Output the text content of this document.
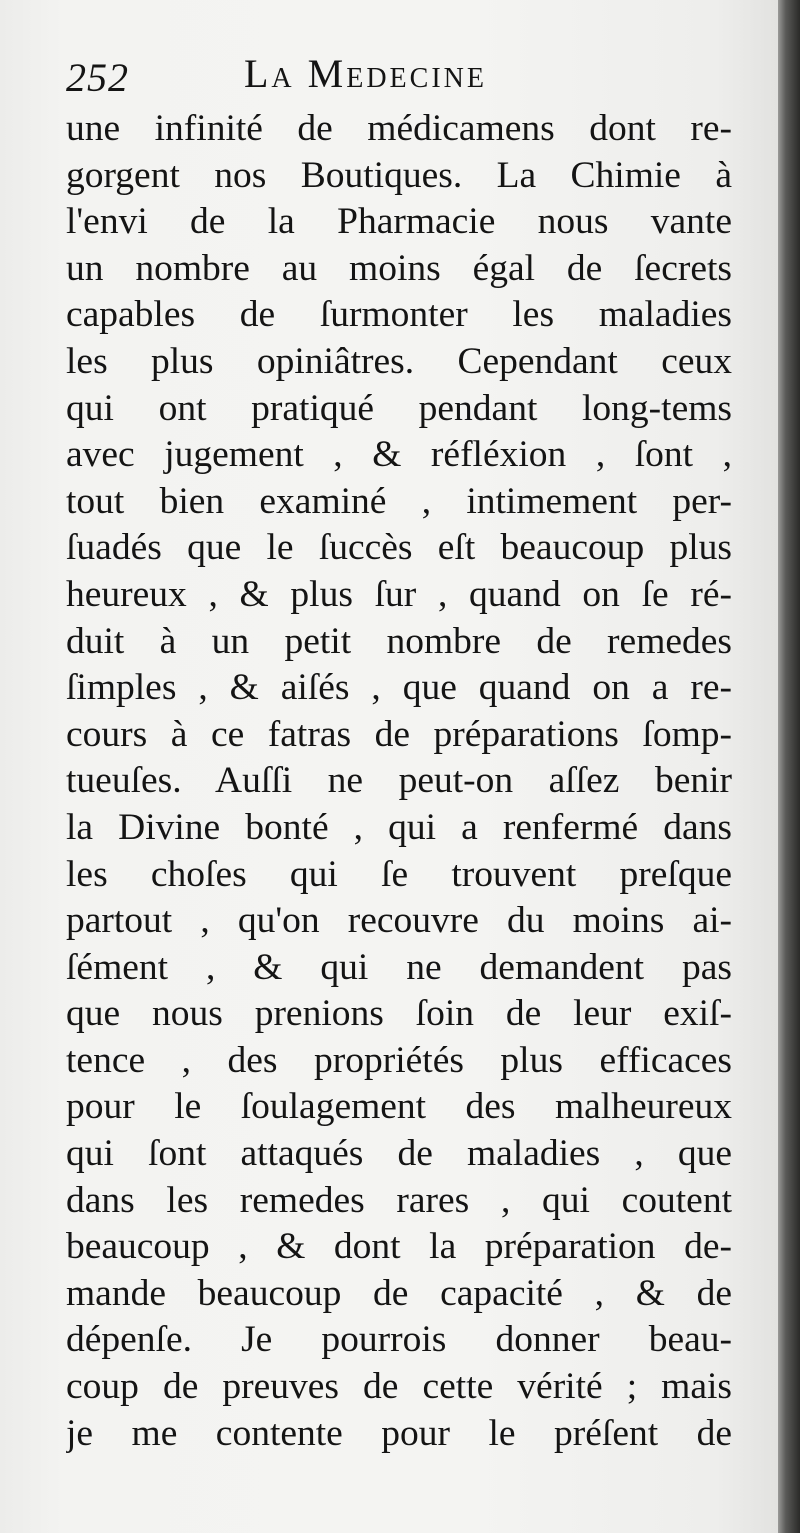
252	La Medecine
une infinité de médicamens dont re-
gorgent nos Boutiques. La Chimie à
l'envi de la Pharmacie nous vante
un nombre au moins égal de ſecrets
capables de ſurmonter les maladies
les plus opiniâtres. Cependant ceux
qui ont pratiqué pendant long-tems
avec jugement , & réfléxion , ſont ,
tout bien examiné , intimement per-
ſuadés que le ſuccès eſt beaucoup plus
heureux , & plus ſur , quand on ſe ré-
duit à un petit nombre de remedes
ſimples , & aiſés , que quand on a re-
cours à ce fatras de préparations ſomp-
tueuſes. Auſſi ne peut-on aſſez benir
la Divine bonté , qui a renfermé dans
les choſes qui ſe trouvent preſque
partout , qu'on recouvre du moins ai-
ſément , & qui ne demandent pas
que nous prenions ſoin de leur exiſ-
tence , des propriétés plus efficaces
pour le ſoulagement des malheureux
qui ſont attaqués de maladies , que
dans les remedes rares , qui coutent
beaucoup , & dont la préparation de-
mande beaucoup de capacité , & de
dépenſe. Je pourrois donner beau-
coup de preuves de cette vérité ; mais
je me contente pour le préſent de
